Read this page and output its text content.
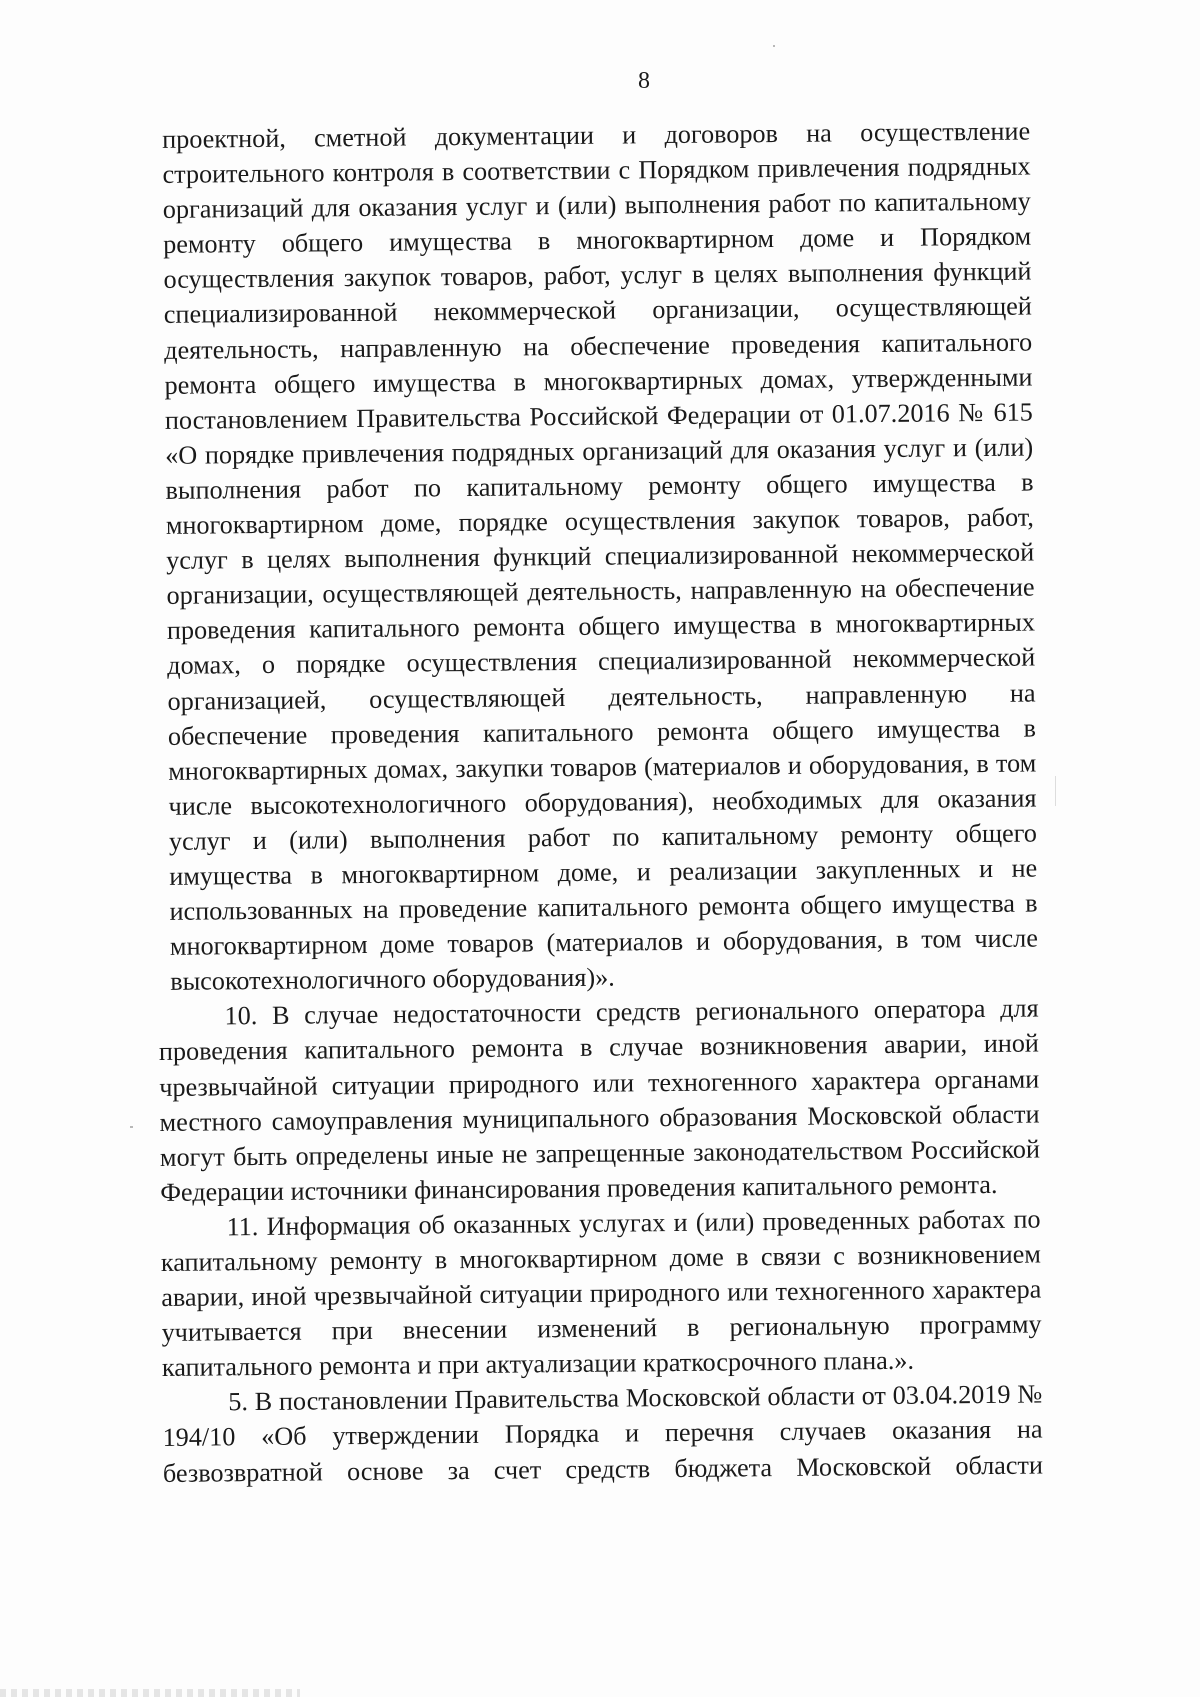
8

проектной, сметной документации и договоров на осуществление строительного контроля в соответствии с Порядком привлечения подрядных организаций для оказания услуг и (или) выполнения работ по капитальному ремонту общего имущества в многоквартирном доме и Порядком осуществления закупок товаров, работ, услуг в целях выполнения функций специализированной некоммерческой организации, осуществляющей деятельность, направленную на обеспечение проведения капитального ремонта общего имущества в многоквартирных домах, утвержденными постановлением Правительства Российской Федерации от 01.07.2016 № 615 «О порядке привлечения подрядных организаций для оказания услуг и (или) выполнения работ по капитальному ремонту общего имущества в многоквартирном доме, порядке осуществления закупок товаров, работ, услуг в целях выполнения функций специализированной некоммерческой организации, осуществляющей деятельность, направленную на обеспечение проведения капитального ремонта общего имущества в многоквартирных домах, о порядке осуществления специализированной некоммерческой организацией, осуществляющей деятельность, направленную на обеспечение проведения капитального ремонта общего имущества в многоквартирных домах, закупки товаров (материалов и оборудования, в том числе высокотехнологичного оборудования), необходимых для оказания услуг и (или) выполнения работ по капитальному ремонту общего имущества в многоквартирном доме, и реализации закупленных и не использованных на проведение капитального ремонта общего имущества в многоквартирном доме товаров (материалов и оборудования, в том числе высокотехнологичного оборудования)».

10. В случае недостаточности средств регионального оператора для проведения капитального ремонта в случае возникновения аварии, иной чрезвычайной ситуации природного или техногенного характера органами местного самоуправления муниципального образования Московской области могут быть определены иные не запрещенные законодательством Российской Федерации источники финансирования проведения капитального ремонта.

11. Информация об оказанных услугах и (или) проведенных работах по капитальному ремонту в многоквартирном доме в связи с возникновением аварии, иной чрезвычайной ситуации природного или техногенного характера учитывается при внесении изменений в региональную программу капитального ремонта и при актуализации краткосрочного плана.».

5. В постановлении Правительства Московской области от 03.04.2019 № 194/10 «Об утверждении Порядка и перечня случаев оказания на безвозвратной основе за счет средств бюджета Московской области
